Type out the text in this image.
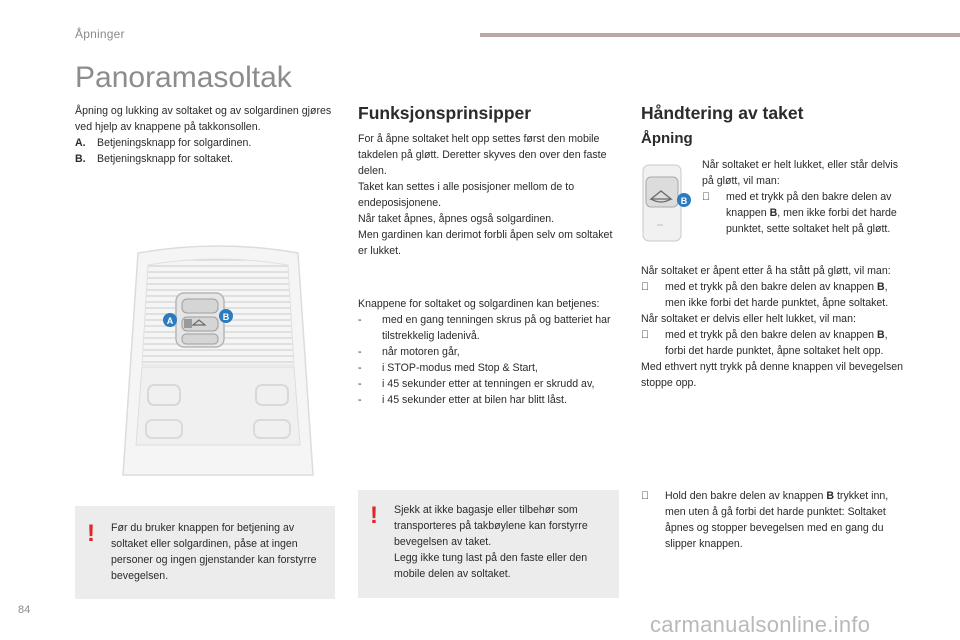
Åpninger
Panoramasoltak
Åpning og lukking av soltaket og av solgardinen gjøres ved hjelp av knappene på takkonsollen.
A.	Betjeningsknapp for solgardinen.
B.	Betjeningsknapp for soltaket.
A	B
! Før du bruker knappen for betjening av soltaket eller solgardinen, påse at ingen personer og ingen gjenstander kan forstyrre bevegelsen.
Funksjonsprinsipper

For å åpne soltaket helt opp settes først den mobile takdelen på gløtt. Deretter skyves den over den faste delen.

Taket kan settes i alle posisjoner mellom de to endeposisjonene.

Når taket åpnes, åpnes også solgardinen.

Men gardinen kan derimot forbli åpen selv om soltaket er lukket.

Knappene for soltaket og solgardinen kan betjenes:

-	med en gang tenningen skrus på og batteriet har tilstrekkelig ladenivå.
-	når motoren går,
-	i STOP-modus med Stop & Start,
-	i 45 sekunder etter at tenningen er skrudd av,
-	i 45 sekunder etter at bilen har blitt låst.
! Sjekk at ikke bagasje eller tilbehør som transporteres på takbøylene kan forstyrre bevegelsen av taket.

Legg ikke tung last på den faste eller den mobile delen av soltaket.

Håndtering av taket
Åpning
B

Når soltaket er helt lukket, eller står delvis på gløtt, vil man:

med et trykk på den bakre delen av knappen B, men ikke forbi det harde punktet, sette soltaket helt på gløtt.

Når soltaket er åpent etter å ha stått på gløtt, vil man:

med et trykk på den bakre delen av knappen B, men ikke forbi det harde punktet, åpne soltaket.

Når soltaket er delvis eller helt lukket, vil man:

med et trykk på den bakre delen av knappen B, forbi det harde punktet, åpne soltaket helt opp.

Med ethvert nytt trykk på denne knappen vil bevegelsen stoppe opp.

Hold den bakre delen av knappen B trykket inn, men uten å gå forbi det harde punktet: Soltaket åpnes og stopper bevegelsen med en gang du slipper knappen.
84
carmanualsonline.info
